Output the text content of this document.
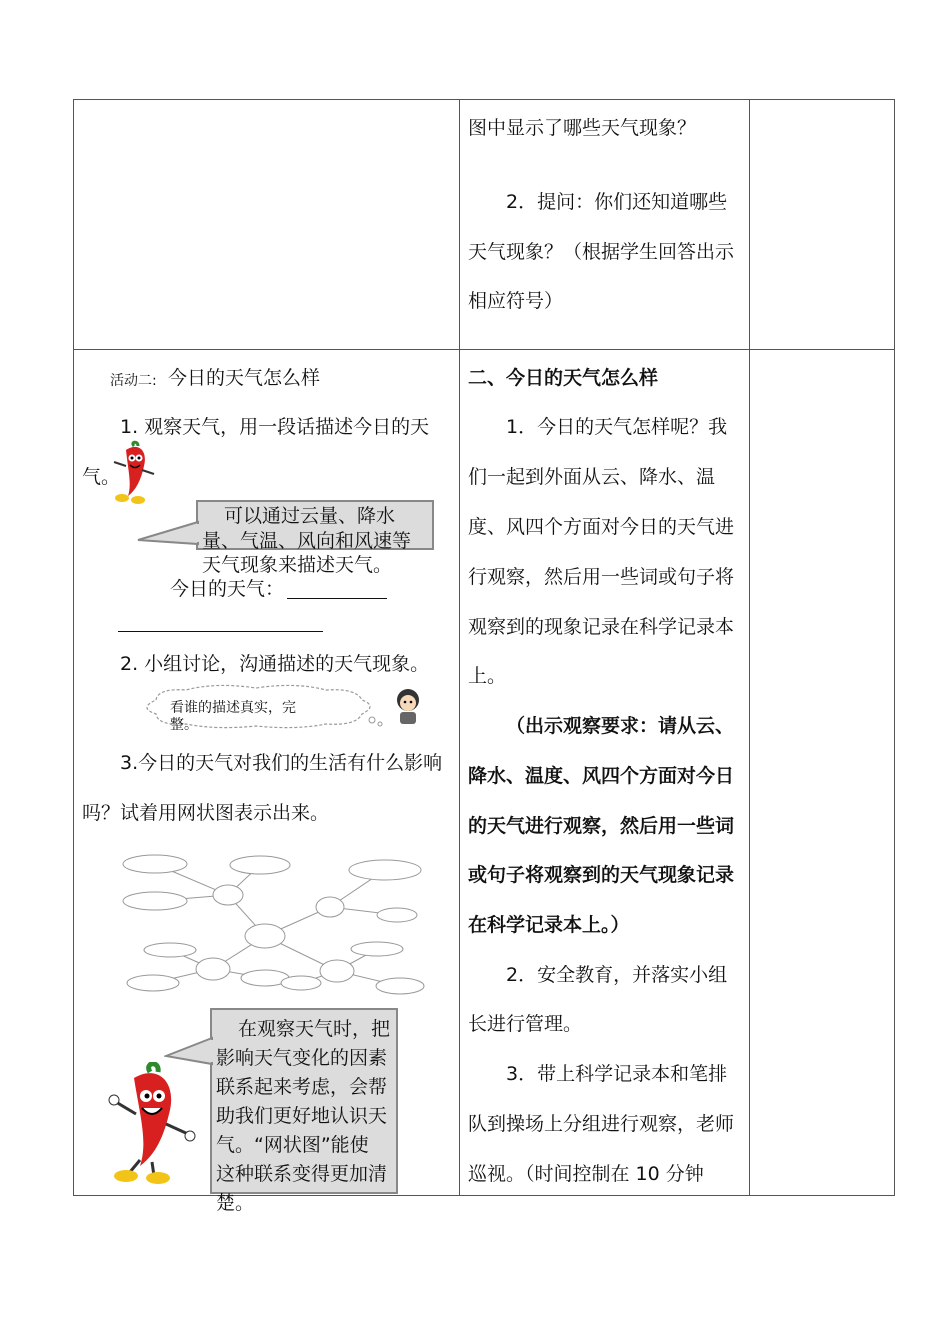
图中显示了哪些天气现象？
2．提问：你们还知道哪些
天气现象？（根据学生回答出示
相应符号）
活动二: 今日的天气怎么样
1. 观察天气，用一段话描述今日的天
气。
可以通过云量、降水
量、气温、风向和风速等
天气现象来描述天气。
今日的天气：
2. 小组讨论，沟通描述的天气现象。
看谁的描述真实，完
整。
3.今日的天气对我们的生活有什么影响
吗？试着用网状图表示出来。
在观察天气时，把
影响天气变化的因素
联系起来考虑，会帮
助我们更好地认识天
气。“网状图”能使
这种联系变得更加清
楚。
二、今日的天气怎么样
1．今日的天气怎样呢？我
们一起到外面从云、降水、温
度、风四个方面对今日的天气进
行观察，然后用一些词或句子将
观察到的现象记录在科学记录本
上。
（出示观察要求：请从云、
降水、温度、风四个方面对今日
的天气进行观察，然后用一些词
或句子将观察到的天气现象记录
在科学记录本上。）
2．安全教育，并落实小组
长进行管理。
3．带上科学记录本和笔排
队到操场上分组进行观察，老师
巡视。（时间控制在 10 分钟
